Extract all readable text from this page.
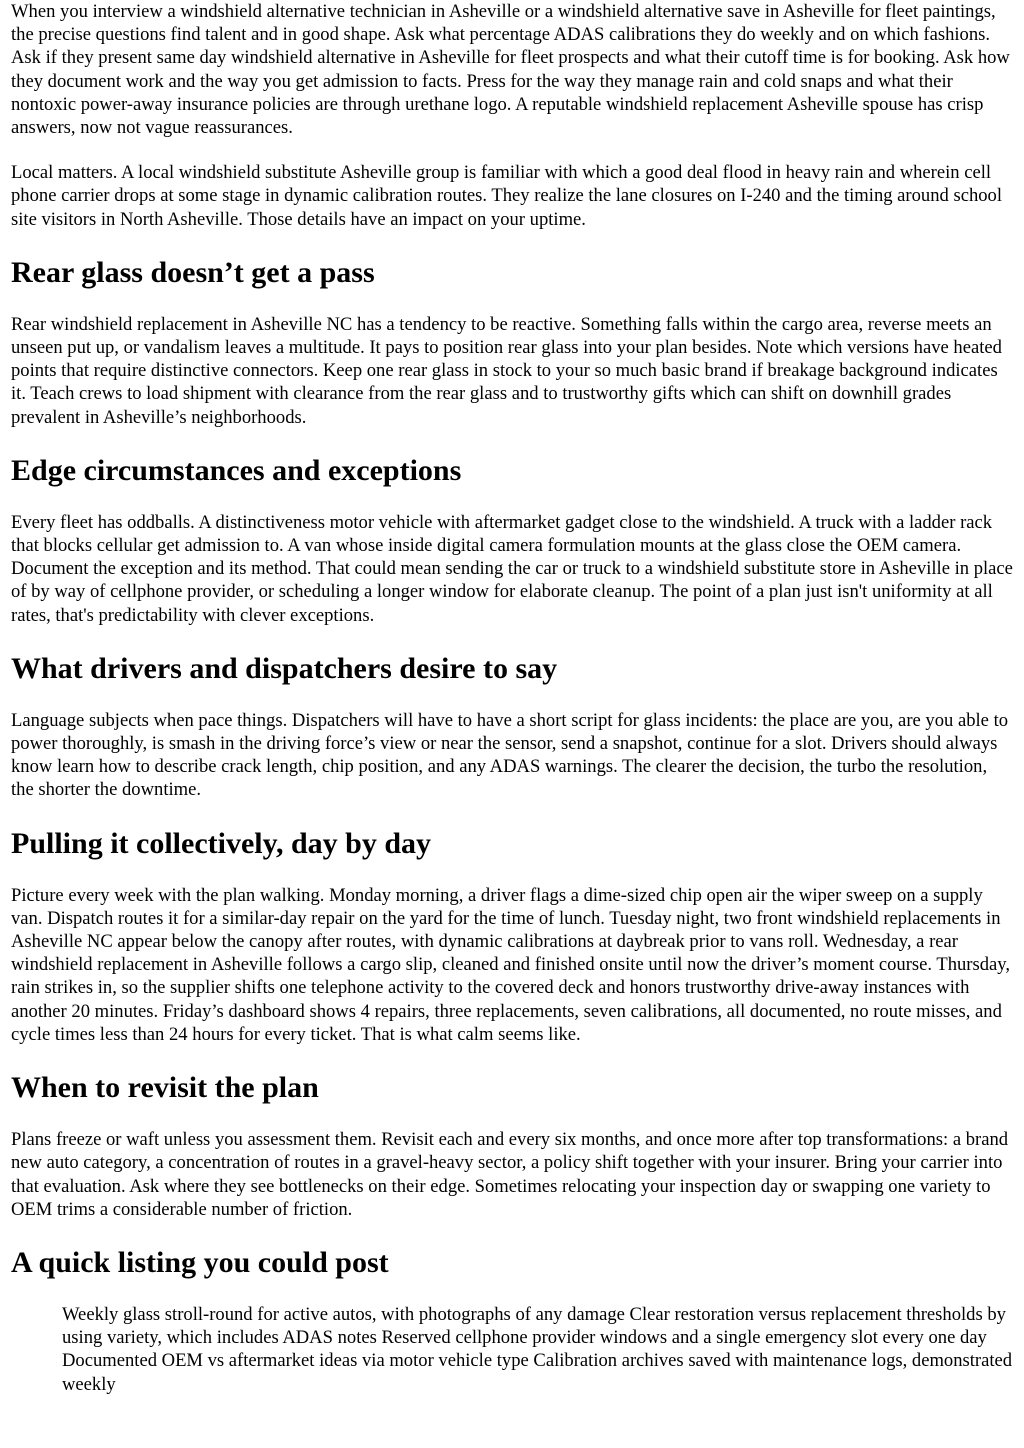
When you interview a windshield alternative technician in Asheville or a windshield alternative save in Asheville for fleet paintings, the precise questions find talent and in good shape. Ask what percentage ADAS calibrations they do weekly and on which fashions. Ask if they present same day windshield alternative in Asheville for fleet prospects and what their cutoff time is for booking. Ask how they document work and the way you get admission to facts. Press for the way they manage rain and cold snaps and what their nontoxic power-away insurance policies are through urethane logo. A reputable windshield replacement Asheville spouse has crisp answers, now not vague reassurances.

Local matters. A local windshield substitute Asheville group is familiar with which a good deal flood in heavy rain and wherein cell phone carrier drops at some stage in dynamic calibration routes. They realize the lane closures on I-240 and the timing around school site visitors in North Asheville. Those details have an impact on your uptime.

Rear glass doesn’t get a pass

Rear windshield replacement in Asheville NC has a tendency to be reactive. Something falls within the cargo area, reverse meets an unseen put up, or vandalism leaves a multitude. It pays to position rear glass into your plan besides. Note which versions have heated points that require distinctive connectors. Keep one rear glass in stock to your so much basic brand if breakage background indicates it. Teach crews to load shipment with clearance from the rear glass and to trustworthy gifts which can shift on downhill grades prevalent in Asheville’s neighborhoods.

Edge circumstances and exceptions

Every fleet has oddballs. A distinctiveness motor vehicle with aftermarket gadget close to the windshield. A truck with a ladder rack that blocks cellular get admission to. A van whose inside digital camera formulation mounts at the glass close the OEM camera. Document the exception and its method. That could mean sending the car or truck to a windshield substitute store in Asheville in place of by way of cellphone provider, or scheduling a longer window for elaborate cleanup. The point of a plan just isn't uniformity at all rates, that's predictability with clever exceptions.

What drivers and dispatchers desire to say

Language subjects when pace things. Dispatchers will have to have a short script for glass incidents: the place are you, are you able to power thoroughly, is smash in the driving force’s view or near the sensor, send a snapshot, continue for a slot. Drivers should always know learn how to describe crack length, chip position, and any ADAS warnings. The clearer the decision, the turbo the resolution, the shorter the downtime.

Pulling it collectively, day by day

Picture every week with the plan walking. Monday morning, a driver flags a dime-sized chip open air the wiper sweep on a supply van. Dispatch routes it for a similar-day repair on the yard for the time of lunch. Tuesday night, two front windshield replacements in Asheville NC appear below the canopy after routes, with dynamic calibrations at daybreak prior to vans roll. Wednesday, a rear windshield replacement in Asheville follows a cargo slip, cleaned and finished onsite until now the driver’s moment course. Thursday, rain strikes in, so the supplier shifts one telephone activity to the covered deck and honors trustworthy drive-away instances with another 20 minutes. Friday’s dashboard shows 4 repairs, three replacements, seven calibrations, all documented, no route misses, and cycle times less than 24 hours for every ticket. That is what calm seems like.

When to revisit the plan

Plans freeze or waft unless you assessment them. Revisit each and every six months, and once more after top transformations: a brand new auto category, a concentration of routes in a gravel-heavy sector, a policy shift together with your insurer. Bring your carrier into that evaluation. Ask where they see bottlenecks on their edge. Sometimes relocating your inspection day or swapping one variety to OEM trims a considerable number of friction.

A quick listing you could post
Weekly glass stroll-round for active autos, with photographs of any damage Clear restoration versus replacement thresholds by using variety, which includes ADAS notes Reserved cellphone provider windows and a single emergency slot every one day Documented OEM vs aftermarket ideas via motor vehicle type Calibration archives saved with maintenance logs, demonstrated weekly
